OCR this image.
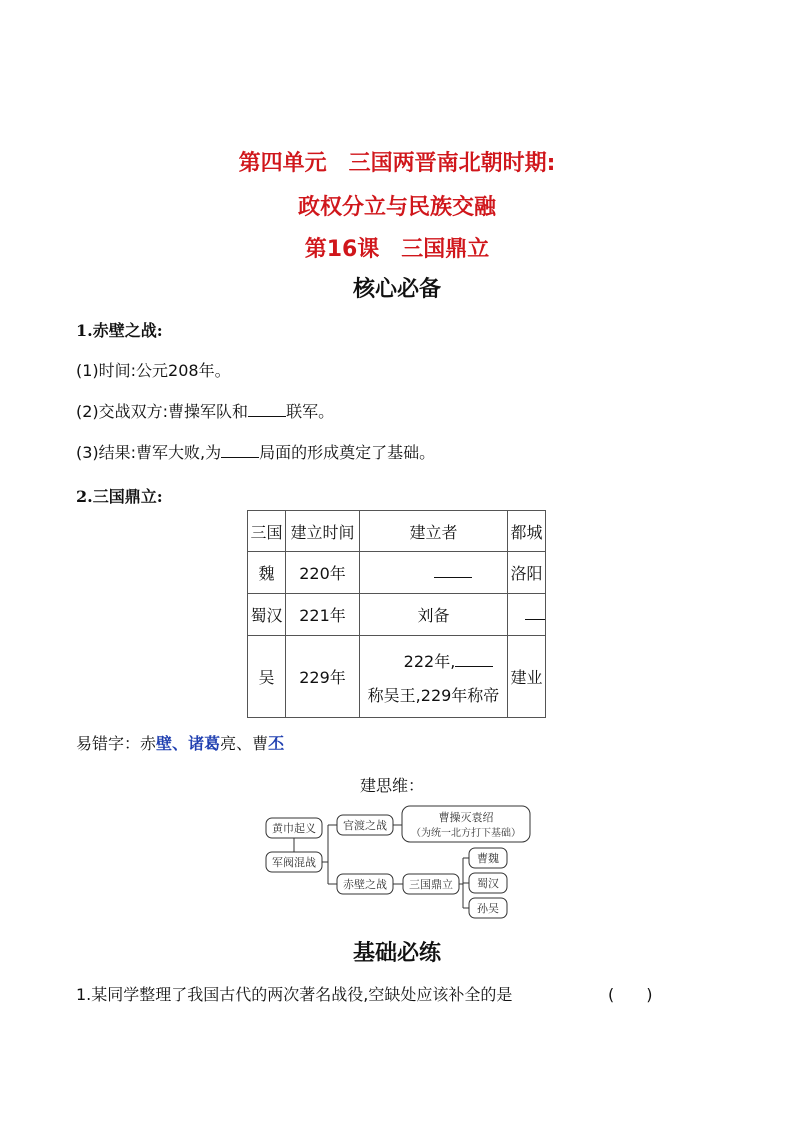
第四单元　三国两晋南北朝时期:
政权分立与民族交融
第16课　三国鼎立
核心必备
1.赤壁之战:
(1)时间:公元208年。
(2)交战双方:曹操军队和 联军。
(3)结果:曹军大败,为 局面的形成奠定了基础。
2.三国鼎立:
三国	建立时间	建立者	都城
魏	220年		洛阳
蜀汉	221年	刘备	
吴	229年	222年,
称吴王,229年称帝	建业
易错字：赤壁、诸葛亮、曹丕
建思维：
黄巾起义
军阀混战
官渡之战
曹操灭袁绍
（为统一北方打下基础）
赤壁之战 三国鼎立
曹魏
蜀汉
孙吴
基础必练
1.某同学整理了我国古代的两次著名战役,空缺处应该补全的是	(　　)
